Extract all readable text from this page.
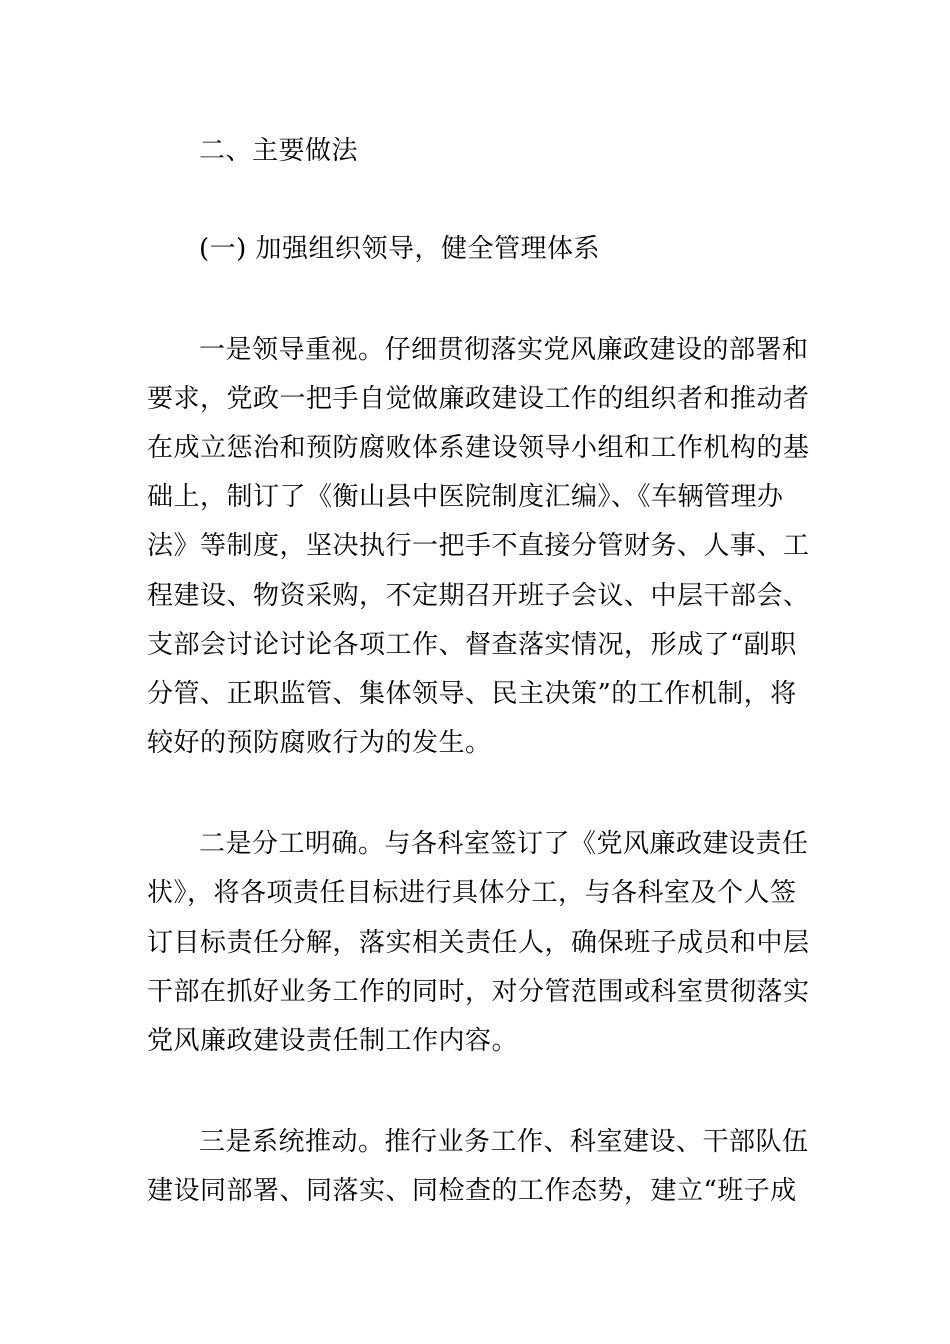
二、主要做法
(一) 加强组织领导，健全管理体系
一是领导重视。仔细贯彻落实党风廉政建设的部署和
要求，党政一把手自觉做廉政建设工作的组织者和推动者
在成立惩治和预防腐败体系建设领导小组和工作机构的基
础上，制订了《衡山县中医院制度汇编》、《车辆管理办
法》等制度，坚决执行一把手不直接分管财务、人事、工
程建设、物资采购，不定期召开班子会议、中层干部会、
支部会讨论讨论各项工作、督查落实情况，形成了“副职
分管、正职监管、集体领导、民主决策”的工作机制，将
较好的预防腐败行为的发生。
二是分工明确。与各科室签订了《党风廉政建设责任
状》，将各项责任目标进行具体分工，与各科室及个人签
订目标责任分解，落实相关责任人，确保班子成员和中层
干部在抓好业务工作的同时，对分管范围或科室贯彻落实
党风廉政建设责任制工作内容。
三是系统推动。推行业务工作、科室建设、干部队伍
建设同部署、同落实、同检查的工作态势，建立“班子成
